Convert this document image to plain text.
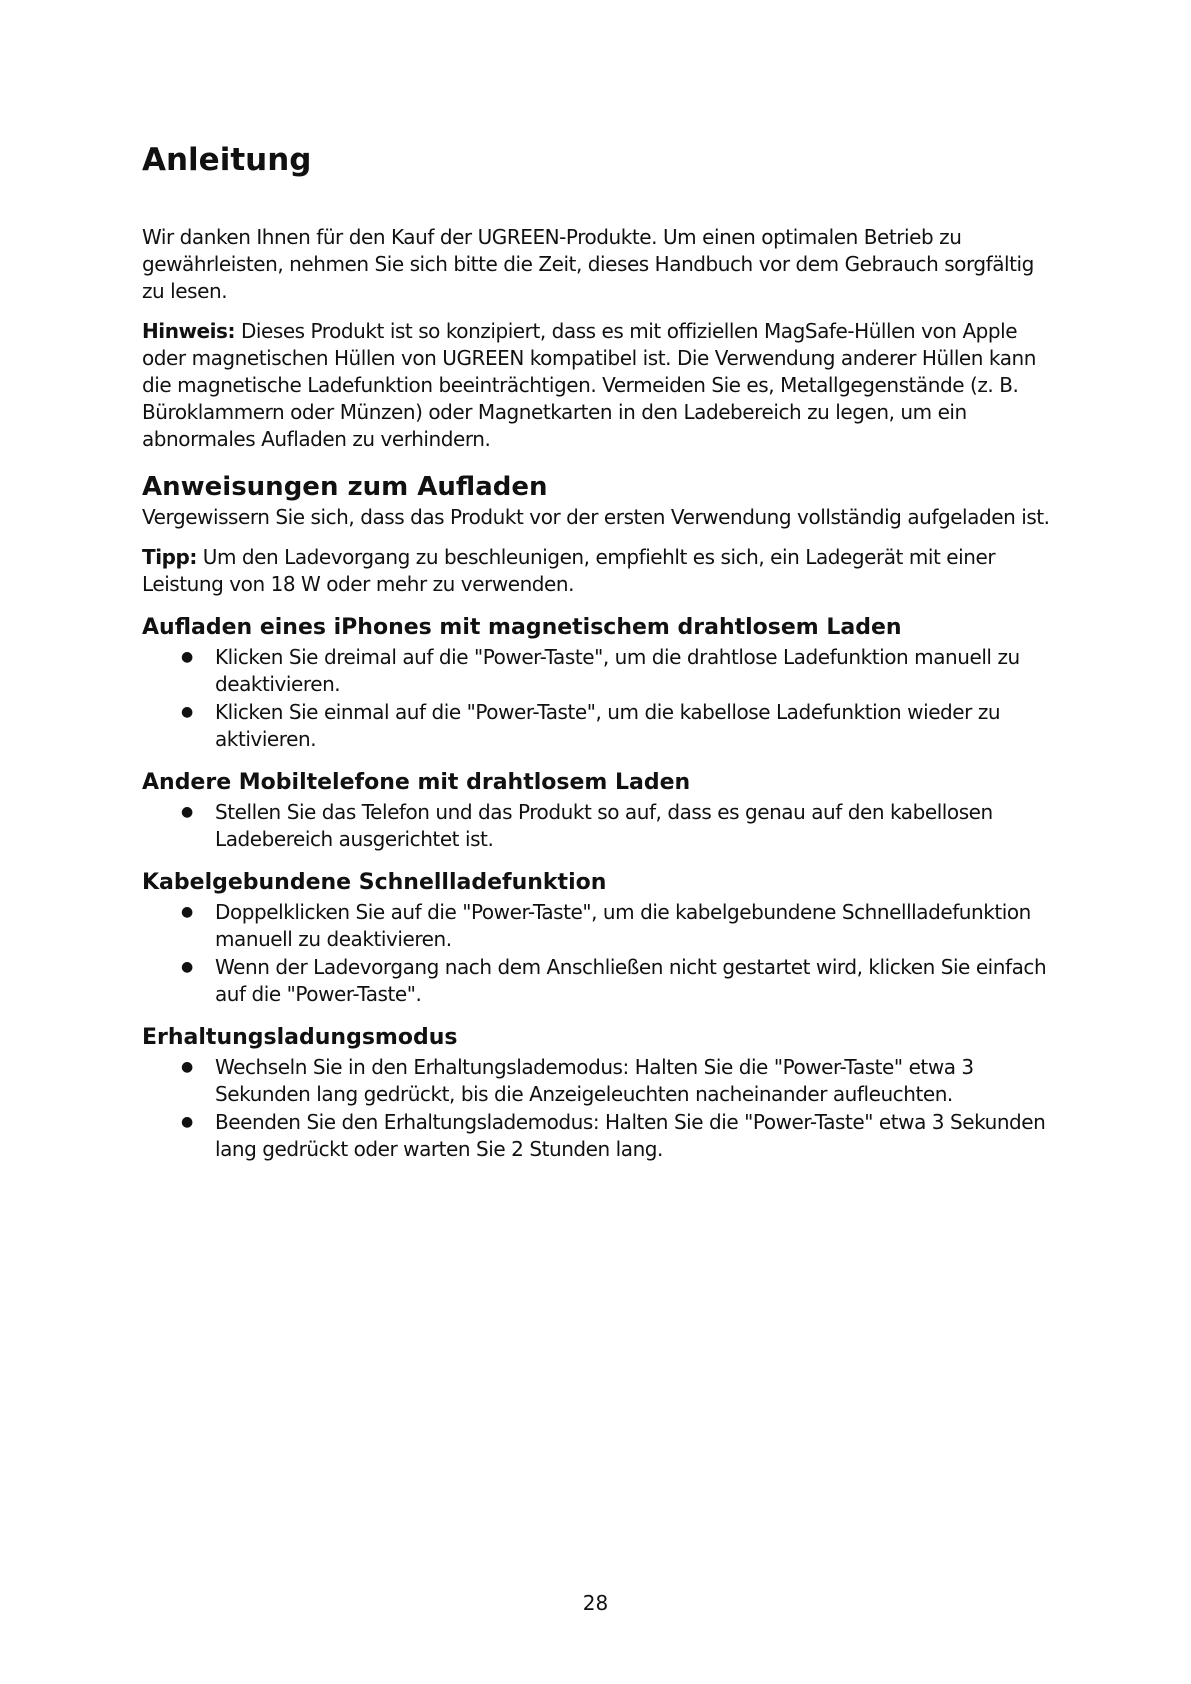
Anleitung

Wir danken Ihnen für den Kauf der UGREEN-Produkte. Um einen optimalen Betrieb zu gewährleisten, nehmen Sie sich bitte die Zeit, dieses Handbuch vor dem Gebrauch sorgfältig zu lesen.

Hinweis: Dieses Produkt ist so konzipiert, dass es mit offiziellen MagSafe-Hüllen von Apple oder magnetischen Hüllen von UGREEN kompatibel ist. Die Verwendung anderer Hüllen kann die magnetische Ladefunktion beeinträchtigen. Vermeiden Sie es, Metallgegenstände (z. B. Büroklammern oder Münzen) oder Magnetkarten in den Ladebereich zu legen, um ein abnormales Aufladen zu verhindern.

Anweisungen zum Aufladen

Vergewissern Sie sich, dass das Produkt vor der ersten Verwendung vollständig aufgeladen ist.

Tipp: Um den Ladevorgang zu beschleunigen, empfiehlt es sich, ein Ladegerät mit einer Leistung von 18 W oder mehr zu verwenden.

Aufladen eines iPhones mit magnetischem drahtlosem Laden
● Klicken Sie dreimal auf die "Power-Taste", um die drahtlose Ladefunktion manuell zu deaktivieren.
● Klicken Sie einmal auf die "Power-Taste", um die kabellose Ladefunktion wieder zu aktivieren.
Andere Mobiltelefone mit drahtlosem Laden
● Stellen Sie das Telefon und das Produkt so auf, dass es genau auf den kabellosen Ladebereich ausgerichtet ist.
Kabelgebundene Schnellladefunktion
● Doppelklicken Sie auf die "Power-Taste", um die kabelgebundene Schnellladefunktion manuell zu deaktivieren.
● Wenn der Ladevorgang nach dem Anschließen nicht gestartet wird, klicken Sie einfach auf die "Power-Taste".
Erhaltungsladungsmodus
● Wechseln Sie in den Erhaltungslademodus: Halten Sie die "Power-Taste" etwa 3 Sekunden lang gedrückt, bis die Anzeigeleuchten nacheinander aufleuchten.
● Beenden Sie den Erhaltungslademodus: Halten Sie die "Power-Taste" etwa 3 Sekunden lang gedrückt oder warten Sie 2 Stunden lang.
28
